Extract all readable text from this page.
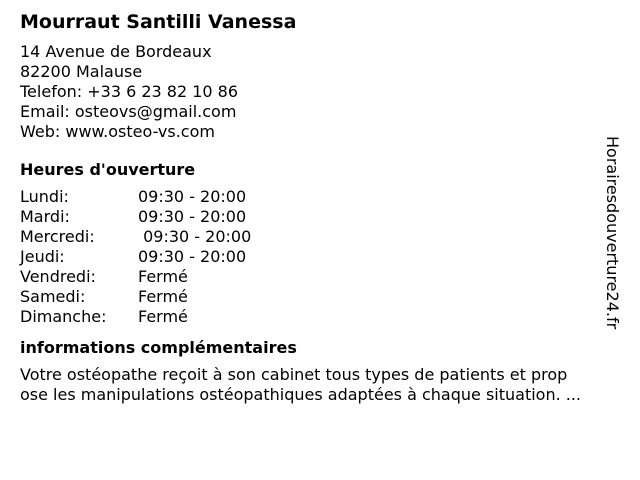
Mourraut Santilli Vanessa
14 Avenue de Bordeaux
82200 Malause
Telefon: +33 6 23 82 10 86
Email: osteovs@gmail.com
Web: www.osteo-vs.com
Heures d'ouverture
Lundi:	09:30 - 20:00
Mardi:	09:30 - 20:00
Mercredi:	09:30 - 20:00
Jeudi:	09:30 - 20:00
Vendredi:	Fermé
Samedi:	Fermé
Dimanche:	Fermé
informations complémentaires
Votre ostéopathe reçoit à son cabinet tous types de patients et prop
ose les manipulations ostéopathiques adaptées à chaque situation. ...
Horairesdouverture24.fr
